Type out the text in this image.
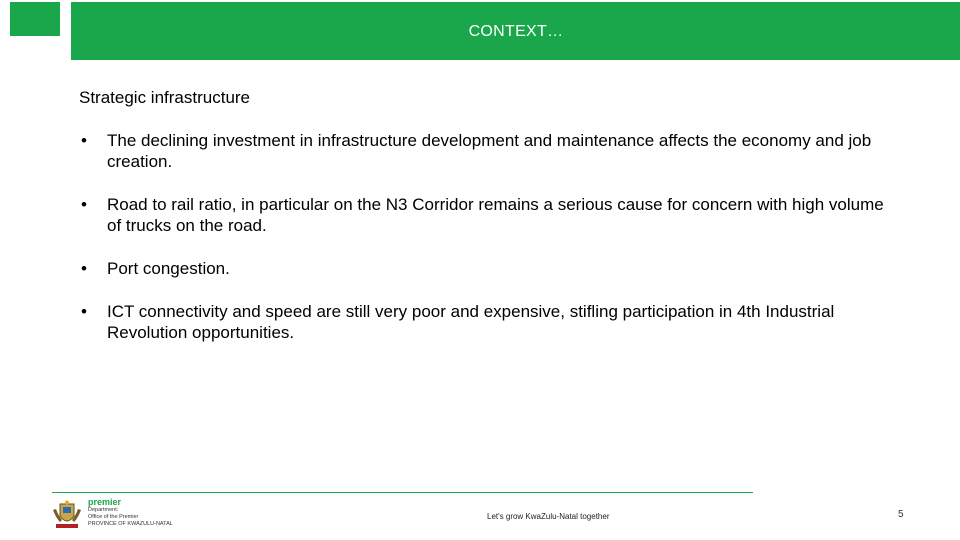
CONTEXT…
Strategic infrastructure
• The declining investment in infrastructure development and maintenance affects the economy and job creation.
• Road to rail ratio, in particular on the N3 Corridor remains a serious cause for concern with high volume of trucks on the road.
• Port congestion.
• ICT connectivity and speed are still very poor and expensive, stifling participation in 4th Industrial Revolution opportunities.
premier
Department:
Office of the Premier
PROVINCE OF KWAZULU-NATAL
Let's grow KwaZulu-Natal together	5
